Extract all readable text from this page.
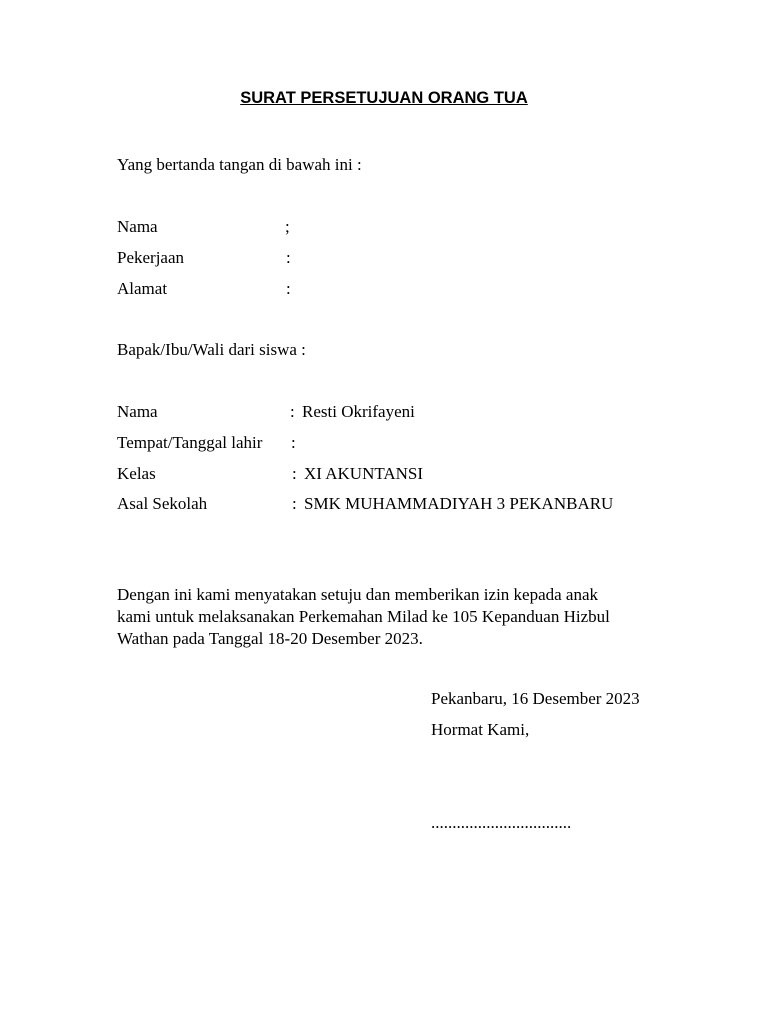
SURAT PERSETUJUAN ORANG TUA
Yang bertanda tangan di bawah ini :
Nama	;
Pekerjaan	:
Alamat	:
Bapak/Ibu/Wali dari siswa :
Nama	: Resti Okrifayeni
Tempat/Tanggal lahir :
Kelas	: XI AKUNTANSI
Asal Sekolah	: SMK MUHAMMADIYAH 3 PEKANBARU
Dengan ini kami menyatakan setuju dan memberikan izin kepada anak
kami untuk melaksanakan Perkemahan Milad ke 105 Kepanduan Hizbul
Wathan pada Tanggal 18-20 Desember 2023.
Pekanbaru, 16 Desember 2023
Hormat Kami,
.................................
